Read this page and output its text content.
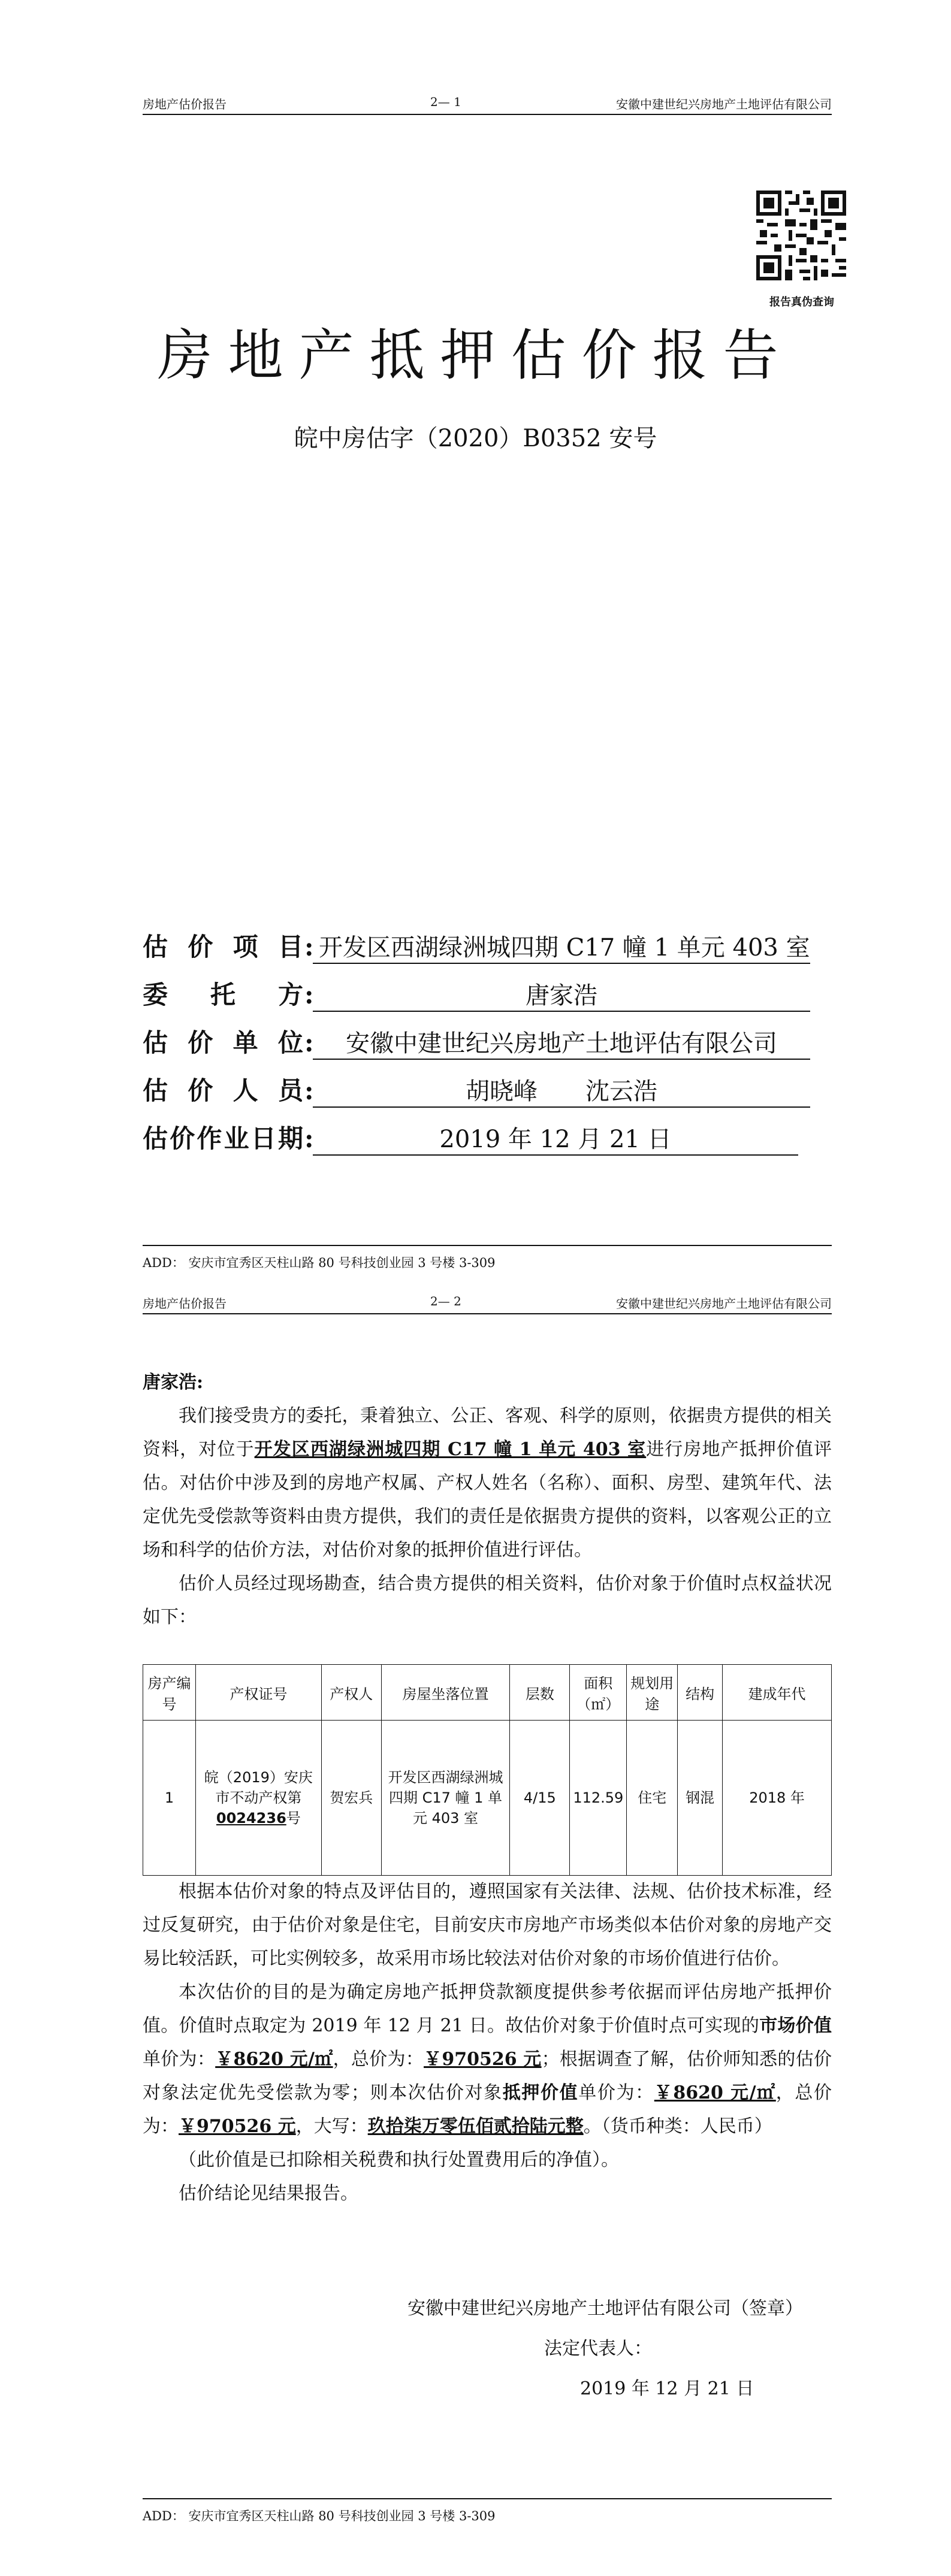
房地产估价报告	2— 1	安徽中建世纪兴房地产土地评估有限公司
报告真伪查询
房地产抵押估价报告
皖中房估字（2020）B0352 安号
估价项目: 开发区西湖绿洲城四期 C17 幢 1 单元 403 室
委托方:	唐家浩
估价单位: 安徽中建世纪兴房地产土地评估有限公司
估价人员:	胡晓峰　　沈云浩
估价作业日期:	2019 年 12 月 21 日
ADD： 安庆市宜秀区天柱山路 80 号科技创业园 3 号楼 3-309
房地产估价报告	2— 2	安徽中建世纪兴房地产土地评估有限公司

唐家浩:

我们接受贵方的委托，秉着独立、公正、客观、科学的原则，依据贵方提供的相关资料，对位于开发区西湖绿洲城四期 C17 幢 1 单元 403 室进行房地产抵押价值评估。对估价中涉及到的房地产权属、产权人姓名（名称）、面积、房型、建筑年代、法定优先受偿款等资料由贵方提供，我们的责任是依据贵方提供的资料，以客观公正的立场和科学的估价方法，对估价对象的抵押价值进行评估。

估价人员经过现场勘查，结合贵方提供的相关资料，估价对象于价值时点权益状况如下：

房产编号	产权证号	产权人	房屋坐落位置	层数	面积（㎡）	规划用途	结构	建成年代
1	皖（2019）安庆市不动产权第0024236号	贺宏兵	开发区西湖绿洲城四期 C17 幢 1 单元 403 室	4/15	112.59	住宅	钢混	2018 年

根据本估价对象的特点及评估目的，遵照国家有关法律、法规、估价技术标准，经过反复研究，由于估价对象是住宅，目前安庆市房地产市场类似本估价对象的房地产交易比较活跃，可比实例较多，故采用市场比较法对估价对象的市场价值进行估价。

本次估价的目的是为确定房地产抵押贷款额度提供参考依据而评估房地产抵押价值。价值时点取定为 2019 年 12 月 21 日。故估价对象于价值时点可实现的市场价值单价为：￥8620 元/㎡，总价为：￥970526 元；根据调查了解，估价师知悉的估价对象法定优先受偿款为零；则本次估价对象抵押价值单价为：￥8620 元/㎡，总价为：￥970526 元，大写：玖拾柒万零伍佰贰拾陆元整。（货币种类：人民币）

（此价值是已扣除相关税费和执行处置费用后的净值）。

估价结论见结果报告。

安徽中建世纪兴房地产土地评估有限公司（签章）
法定代表人：
2019 年 12 月 21 日
ADD： 安庆市宜秀区天柱山路 80 号科技创业园 3 号楼 3-309
